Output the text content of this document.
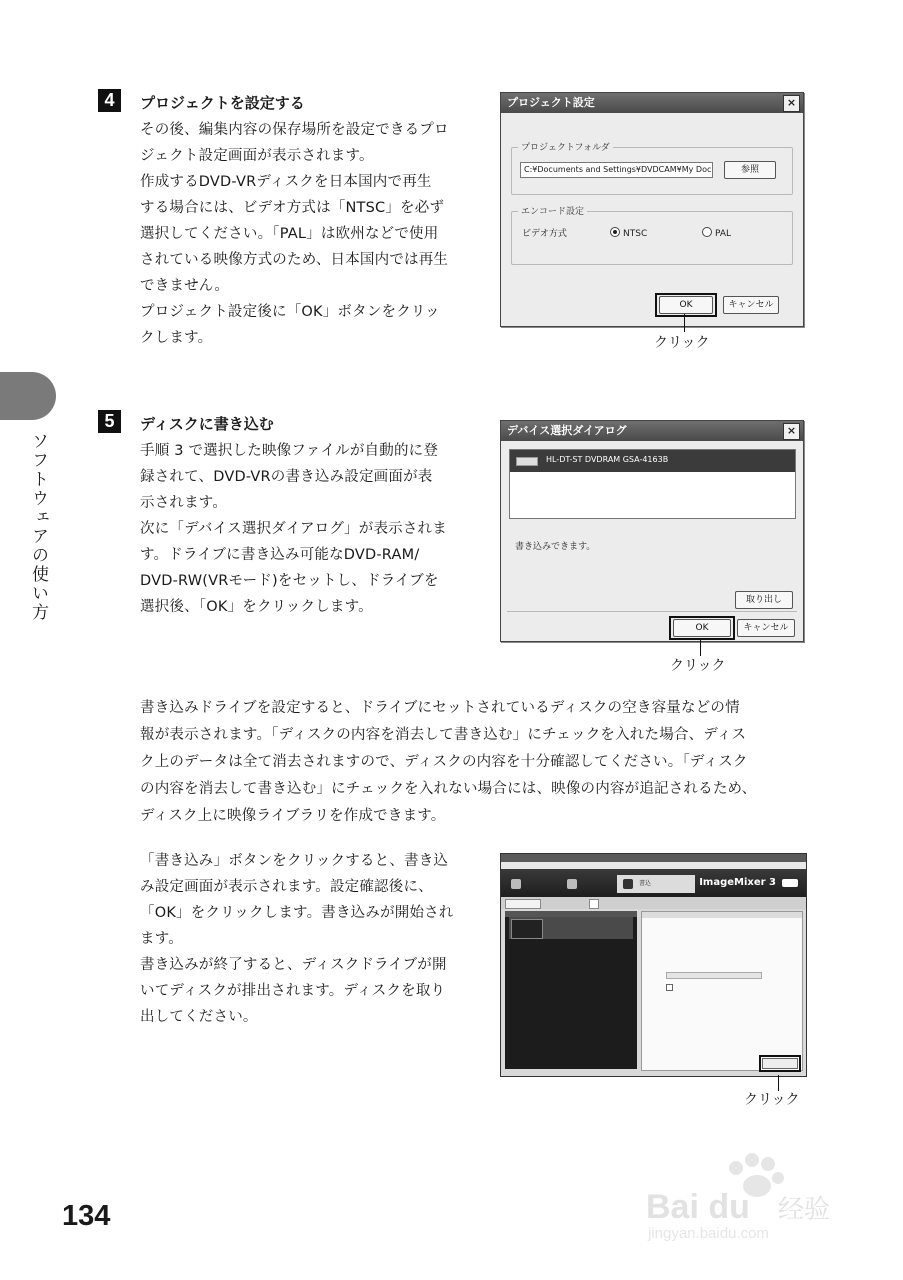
ソフトウェアの使い方
4	プロジェクトを設定する
その後、編集内容の保存場所を設定できるプロ
ジェクト設定画面が表示されます。
作成するDVD-VRディスクを日本国内で再生
する場合には、ビデオ方式は「NTSC」を必ず
選択してください。「PAL」は欧州などで使用
されている映像方式のため、日本国内では再生
できません。
プロジェクト設定後に「OK」ボタンをクリッ
クします。
プロジェクト設定	×
プロジェクトフォルダ
C:¥Documents and Settings¥DVDCAM¥My Doc	参照
エンコード設定
ビデオ方式	NTSC	PAL
OK	キャンセル
クリック
5	ディスクに書き込む
手順 3 で選択した映像ファイルが自動的に登
録されて、DVD-VRの書き込み設定画面が表
示されます。
次に「デバイス選択ダイアログ」が表示されま
す。ドライブに書き込み可能なDVD-RAM/
DVD-RW(VRモード)をセットし、ドライブを
選択後、「OK」をクリックします。
デバイス選択ダイアログ	×
HL-DT-ST DVDRAM GSA-4163B
書き込みできます。
取り出し
OK	キャンセル
クリック
書き込みドライブを設定すると、ドライブにセットされているディスクの空き容量などの情
報が表示されます。「ディスクの内容を消去して書き込む」にチェックを入れた場合、ディス
ク上のデータは全て消去されますので、ディスクの内容を十分確認してください。「ディスク
の内容を消去して書き込む」にチェックを入れない場合には、映像の内容が追記されるため、
ディスク上に映像ライブラリを作成できます。
「書き込み」ボタンをクリックすると、書き込
み設定画面が表示されます。設定確認後に、
「OK」をクリックします。書き込みが開始され
ます。
書き込みが終了すると、ディスクドライブが開
いてディスクが排出されます。ディスクを取り
出してください。
書込	ImageMixer 3
クリック
134	Bai du 经验
jingyan.baidu.com
